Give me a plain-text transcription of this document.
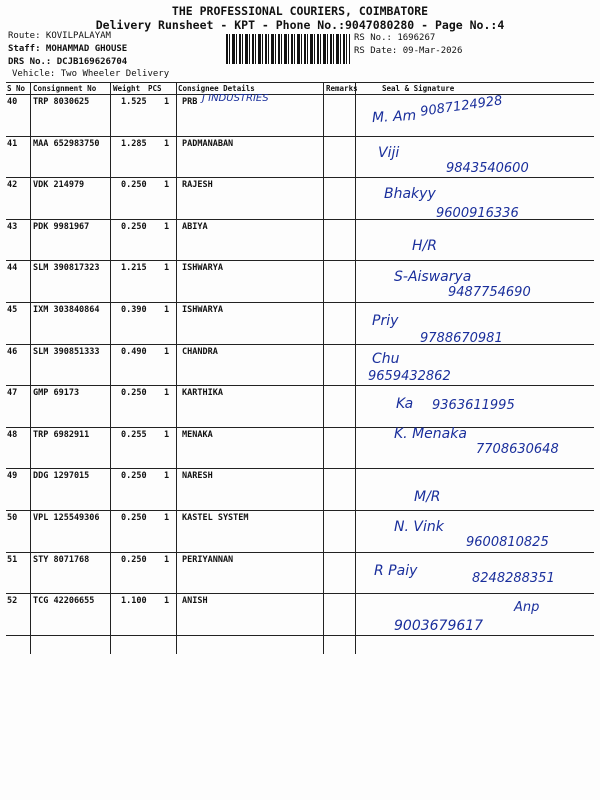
THE PROFESSIONAL COURIERS, COIMBATORE
Delivery Runsheet - KPT - Phone No.:9047080280 - Page No.:4
Route: KOVILPALAYAM
Staff: MOHAMMAD GHOUSE
DRS No.: DCJB169626704
Vehicle: Two Wheeler Delivery
RS No.: 1696267
RS Date: 09-Mar-2026
S No Consignment No Weight PCS Consignee Details	Remarks	Seal & Signature
40 TRP 8030625	1.525 1 PRB J INDUSTRIES
M. Am 9087124928
41 MAA 652983750	1.285 1 PADMANABAN
Viji
9843540600
42 VDK 214979	0.250 1 RAJESH
Bhakyy
9600916336
43 PDK 9981967	0.250 1 ABIYA
H/R
44 SLM 390817323	1.215 1 ISHWARYA
S-Aiswarya
9487754690
45 IXM 303840864	0.390 1 ISHWARYA
Priy
9788670981
46 SLM 390851333	0.490 1 CHANDRA	Chu
9659432862
47 GMP 69173	0.250 1 KARTHIKA
Ka 9363611995
48 TRP 6982911	0.255 1 MENAKA	K. Menaka
7708630648
49 DDG 1297015	0.250 1 NARESH
M/R
50 VPL 125549306	0.250 1 KASTEL SYSTEM
N. Vink
9600810825
51 STY 8071768	0.250 1 PERIYANNAN
R Paiy	8248288351
52 TCG 42206655	1.100 1 ANISH
9003679617
Anp
